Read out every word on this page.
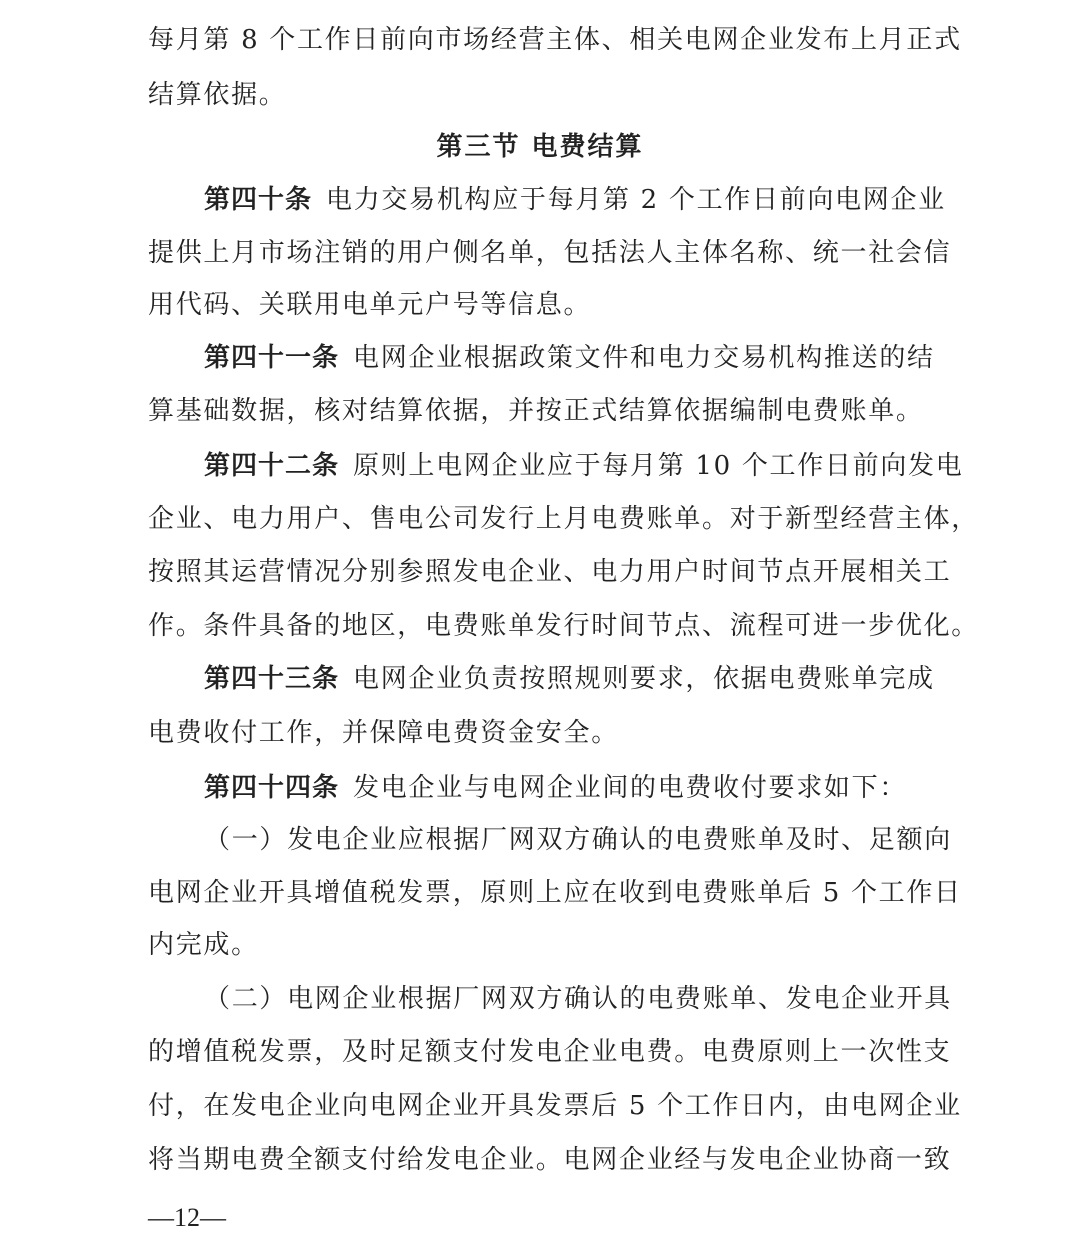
每月第 8 个工作日前向市场经营主体、相关电网企业发布上月正式
结算依据。
第三节 电费结算
第四十条 电力交易机构应于每月第 2 个工作日前向电网企业
提供上月市场注销的用户侧名单，包括法人主体名称、统一社会信
用代码、关联用电单元户号等信息。
第四十一条 电网企业根据政策文件和电力交易机构推送的结
算基础数据，核对结算依据，并按正式结算依据编制电费账单。
第四十二条 原则上电网企业应于每月第 10 个工作日前向发电
企业、电力用户、售电公司发行上月电费账单。对于新型经营主体，
按照其运营情况分别参照发电企业、电力用户时间节点开展相关工
作。条件具备的地区，电费账单发行时间节点、流程可进一步优化。
第四十三条 电网企业负责按照规则要求，依据电费账单完成
电费收付工作，并保障电费资金安全。
第四十四条 发电企业与电网企业间的电费收付要求如下：
（一）发电企业应根据厂网双方确认的电费账单及时、足额向
电网企业开具增值税发票，原则上应在收到电费账单后 5 个工作日
内完成。
（二）电网企业根据厂网双方确认的电费账单、发电企业开具
的增值税发票，及时足额支付发电企业电费。电费原则上一次性支
付，在发电企业向电网企业开具发票后 5 个工作日内，由电网企业
将当期电费全额支付给发电企业。电网企业经与发电企业协商一致
—12—
